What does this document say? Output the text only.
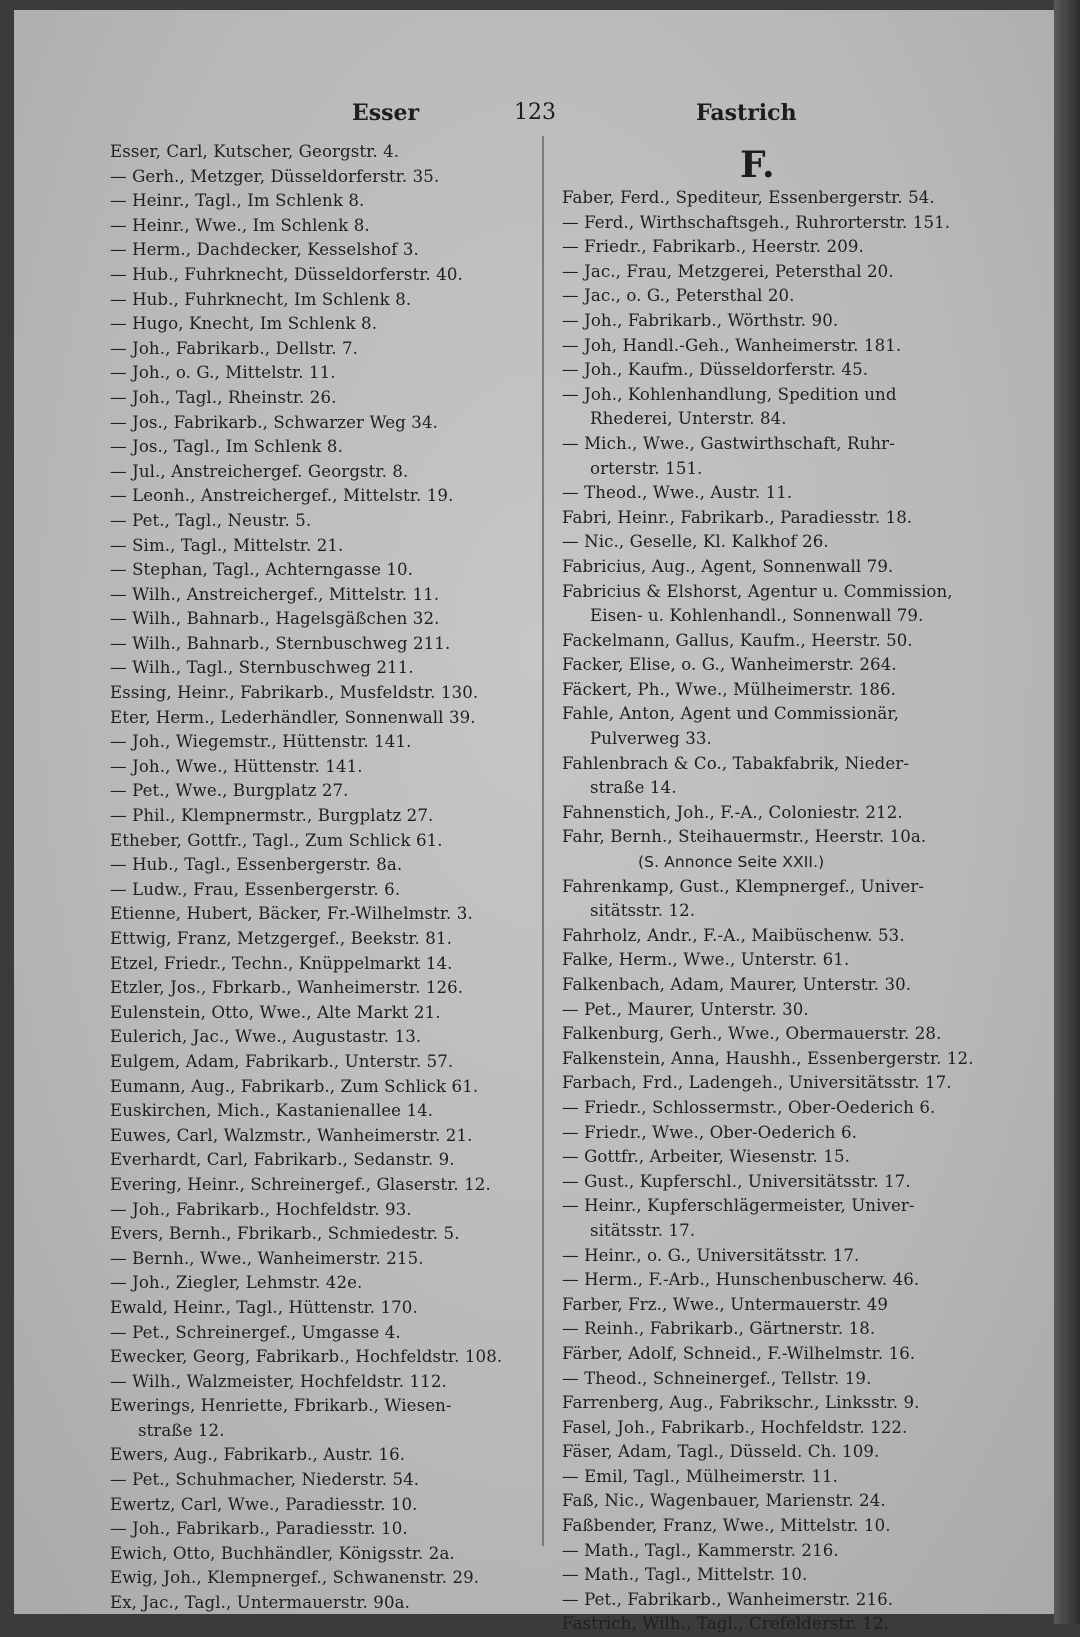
Esser	123	Fastrich
Esser, Carl, Kutscher, Georgstr. 4.
— Gerh., Metzger, Düsseldorferstr. 35.
— Heinr., Tagl., Im Schlenk 8.
— Heinr., Wwe., Im Schlenk 8.
— Herm., Dachdecker, Kesselshof 3.
— Hub., Fuhrknecht, Düsseldorferstr. 40.
— Hub., Fuhrknecht, Im Schlenk 8.
— Hugo, Knecht, Im Schlenk 8.
— Joh., Fabrikarb., Dellstr. 7.
— Joh., o. G., Mittelstr. 11.
— Joh., Tagl., Rheinstr. 26.
— Jos., Fabrikarb., Schwarzer Weg 34.
— Jos., Tagl., Im Schlenk 8.
— Jul., Anstreichergef. Georgstr. 8.
— Leonh., Anstreichergef., Mittelstr. 19.
— Pet., Tagl., Neustr. 5.
— Sim., Tagl., Mittelstr. 21.
— Stephan, Tagl., Achterngasse 10.
— Wilh., Anstreichergef., Mittelstr. 11.
— Wilh., Bahnarb., Hagelsgäßchen 32.
— Wilh., Bahnarb., Sternbuschweg 211.
— Wilh., Tagl., Sternbuschweg 211.
Essing, Heinr., Fabrikarb., Musfeldstr. 130.
Eter, Herm., Lederhändler, Sonnenwall 39.
— Joh., Wiegemstr., Hüttenstr. 141.
— Joh., Wwe., Hüttenstr. 141.
— Pet., Wwe., Burgplatz 27.
— Phil., Klempnermstr., Burgplatz 27.
Etheber, Gottfr., Tagl., Zum Schlick 61.
— Hub., Tagl., Essenbergerstr. 8a.
— Ludw., Frau, Essenbergerstr. 6.
Etienne, Hubert, Bäcker, Fr.-Wilhelmstr. 3.
Ettwig, Franz, Metzgergef., Beekstr. 81.
Etzel, Friedr., Techn., Knüppelmarkt 14.
Etzler, Jos., Fbrkarb., Wanheimerstr. 126.
Eulenstein, Otto, Wwe., Alte Markt 21.
Eulerich, Jac., Wwe., Augustastr. 13.
Eulgem, Adam, Fabrikarb., Unterstr. 57.
Eumann, Aug., Fabrikarb., Zum Schlick 61.
Euskirchen, Mich., Kastanienallee 14.
Euwes, Carl, Walzmstr., Wanheimerstr. 21.
Everhardt, Carl, Fabrikarb., Sedanstr. 9.
Evering, Heinr., Schreinergef., Glaserstr. 12.
— Joh., Fabrikarb., Hochfeldstr. 93.
Evers, Bernh., Fbrikarb., Schmiedestr. 5.
— Bernh., Wwe., Wanheimerstr. 215.
— Joh., Ziegler, Lehmstr. 42e.
Ewald, Heinr., Tagl., Hüttenstr. 170.
— Pet., Schreinergef., Umgasse 4.
Ewecker, Georg, Fabrikarb., Hochfeldstr. 108.
— Wilh., Walzmeister, Hochfeldstr. 112.
Ewerings, Henriette, Fbrikarb., Wiesen-
straße 12.
Ewers, Aug., Fabrikarb., Austr. 16.
— Pet., Schuhmacher, Niederstr. 54.
Ewertz, Carl, Wwe., Paradiesstr. 10.
— Joh., Fabrikarb., Paradiesstr. 10.
Ewich, Otto, Buchhändler, Königsstr. 2a.
Ewig, Joh., Klempnergef., Schwanenstr. 29.
Ex, Jac., Tagl., Untermauerstr. 90a.
F.
Faber, Ferd., Spediteur, Essenbergerstr. 54.
— Ferd., Wirthschaftsgeh., Ruhrorterstr. 151.
— Friedr., Fabrikarb., Heerstr. 209.
— Jac., Frau, Metzgerei, Petersthal 20.
— Jac., o. G., Petersthal 20.
— Joh., Fabrikarb., Wörthstr. 90.
— Joh, Handl.-Geh., Wanheimerstr. 181.
— Joh., Kaufm., Düsseldorferstr. 45.
— Joh., Kohlenhandlung, Spedition und
Rhederei, Unterstr. 84.
— Mich., Wwe., Gastwirthschaft, Ruhr-
orterstr. 151.
— Theod., Wwe., Austr. 11.
Fabri, Heinr., Fabrikarb., Paradiesstr. 18.
— Nic., Geselle, Kl. Kalkhof 26.
Fabricius, Aug., Agent, Sonnenwall 79.
Fabricius & Elshorst, Agentur u. Commission,
Eisen- u. Kohlenhandl., Sonnenwall 79.
Fackelmann, Gallus, Kaufm., Heerstr. 50.
Facker, Elise, o. G., Wanheimerstr. 264.
Fäckert, Ph., Wwe., Mülheimerstr. 186.
Fahle, Anton, Agent und Commissionär,
Pulverweg 33.
Fahlenbrach & Co., Tabakfabrik, Nieder-
straße 14.
Fahnenstich, Joh., F.-A., Coloniestr. 212.
Fahr, Bernh., Steihauermstr., Heerstr. 10a.
(S. Annonce Seite XXII.)
Fahrenkamp, Gust., Klempnergef., Univer-
sitätsstr. 12.
Fahrholz, Andr., F.-A., Maibüschenw. 53.
Falke, Herm., Wwe., Unterstr. 61.
Falkenbach, Adam, Maurer, Unterstr. 30.
— Pet., Maurer, Unterstr. 30.
Falkenburg, Gerh., Wwe., Obermauerstr. 28.
Falkenstein, Anna, Haushh., Essenbergerstr. 12.
Farbach, Frd., Ladengeh., Universitätsstr. 17.
— Friedr., Schlossermstr., Ober-Oederich 6.
— Friedr., Wwe., Ober-Oederich 6.
— Gottfr., Arbeiter, Wiesenstr. 15.
— Gust., Kupferschl., Universitätsstr. 17.
— Heinr., Kupferschlägermeister, Univer-
sitätsstr. 17.
— Heinr., o. G., Universitätsstr. 17.
— Herm., F.-Arb., Hunschenbuscherw. 46.
Farber, Frz., Wwe., Untermauerstr. 49
— Reinh., Fabrikarb., Gärtnerstr. 18.
Färber, Adolf, Schneid., F.-Wilhelmstr. 16.
— Theod., Schneinergef., Tellstr. 19.
Farrenberg, Aug., Fabrikschr., Linksstr. 9.
Fasel, Joh., Fabrikarb., Hochfeldstr. 122.
Fäser, Adam, Tagl., Düsseld. Ch. 109.
— Emil, Tagl., Mülheimerstr. 11.
Faß, Nic., Wagenbauer, Marienstr. 24.
Faßbender, Franz, Wwe., Mittelstr. 10.
— Math., Tagl., Kammerstr. 216.
— Math., Tagl., Mittelstr. 10.
— Pet., Fabrikarb., Wanheimerstr. 216.
Fastrich, Wilh., Tagl., Crefelderstr. 12.
